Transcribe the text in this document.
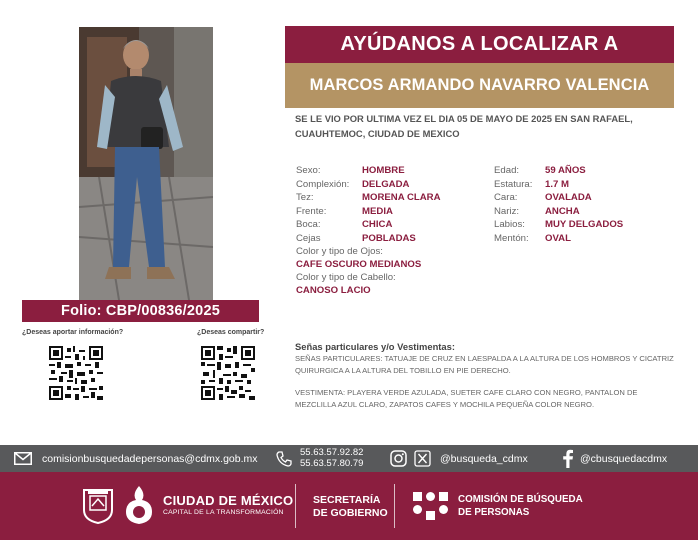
Folio: CBP/00836/2025
¿Deseas aportar información?	¿Deseas compartir?
AYÚDANOS A LOCALIZAR A
MARCOS ARMANDO NAVARRO VALENCIA
SE LE VIO POR ULTIMA VEZ EL DIA 05 DE MAYO DE 2025 EN SAN RAFAEL, CUAUHTEMOC, CIUDAD DE MEXICO
Sexo:	HOMBRE
Complexión: DELGADA
Tez:	MORENA CLARA
Frente:	MEDIA
Boca:	CHICA
Cejas	POBLADAS
Edad:	59 AÑOS
Estatura: 1.7 M
Cara:	OVALADA
Nariz:	ANCHA
Labios: MUY DELGADOS
Mentón: OVAL
Color y tipo de Ojos:
CAFE OSCURO MEDIANOS
Color y tipo de Cabello:
CANOSO LACIO
Señas particulares y/o Vestimentas:
SEÑAS PARTICULARES: TATUAJE DE CRUZ EN LAESPALDA A LA ALTURA DE LOS HOMBROS Y CICATRIZ QUIRURGICA A LA ALTURA DEL TOBILLO EN PIE DERECHO.
VESTIMENTA: PLAYERA VERDE AZULADA, SUETER CAFE CLARO CON NEGRO, PANTALON DE MEZCLILLA AZUL CLARO, ZAPATOS CAFES Y MOCHILA PEQUEÑA COLOR NEGRO.
comisionbusquedadepersonas@cdmx.gob.mx	55.63.57.92.82
55.63.57.80.79	@busqueda_cdmx	@cbusquedacdmx
CIUDAD DE MÉXICO
CAPITAL DE LA TRANSFORMACIÓN
SECRETARÍA
DE GOBIERNO
COMISIÓN DE BÚSQUEDA
DE PERSONAS
